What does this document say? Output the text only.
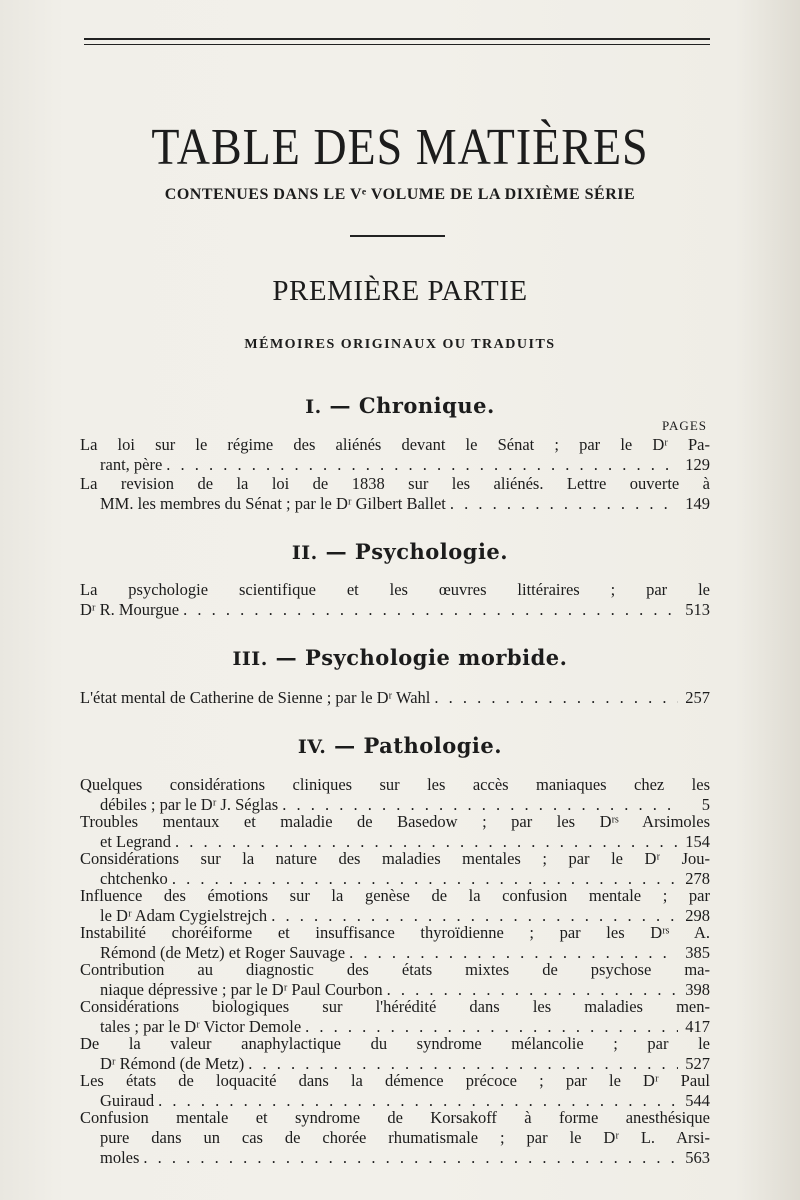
TABLE DES MATIÈRES
CONTENUES DANS LE Vᵉ VOLUME DE LA DIXIÈME SÉRIE
PREMIÈRE PARTIE
MÉMOIRES ORIGINAUX OU TRADUITS
I. — Chronique.
PAGES
La loi sur le régime des aliénés devant le Sénat ; par le Dʳ Pa-
rant, père . . .	129
La revision de la loi de 1838 sur les aliénés. Lettre ouverte à
MM. les membres du Sénat ; par le Dʳ Gilbert Ballet . . .	149
II. — Psychologie.
La psychologie scientifique et les œuvres littéraires ; par le
Dʳ R. Mourgue . . .	513
III. — Psychologie morbide.
L'état mental de Catherine de Sienne ; par le Dʳ Wahl . . .	257
IV. — Pathologie.
Quelques considérations cliniques sur les accès maniaques chez les
débiles ; par le Dʳ J. Séglas . . .	5
Troubles mentaux et maladie de Basedow ; par les Dʳˢ Arsimoles
et Legrand . . .	154
Considérations sur la nature des maladies mentales ; par le Dʳ Jou-
chtchenko . . .	278
Influence des émotions sur la genèse de la confusion mentale ; par
le Dʳ Adam Cygielstrejch . . .	298
Instabilité choréiforme et insuffisance thyroïdienne ; par les Dʳˢ A.
Rémond (de Metz) et Roger Sauvage . . .	385
Contribution au diagnostic des états mixtes de psychose ma-
niaque dépressive ; par le Dʳ Paul Courbon . . .	398
Considérations biologiques sur l'hérédité dans les maladies men-
tales ; par le Dʳ Victor Demole . . .	417
De la valeur anaphylactique du syndrome mélancolie ; par le
Dʳ Rémond (de Metz) . . .	527
Les états de loquacité dans la démence précoce ; par le Dʳ Paul
Guiraud . . .	544
Confusion mentale et syndrome de Korsakoff à forme anesthésique
pure dans un cas de chorée rhumatismale ; par le Dʳ L. Arsi-
moles . . .	563
